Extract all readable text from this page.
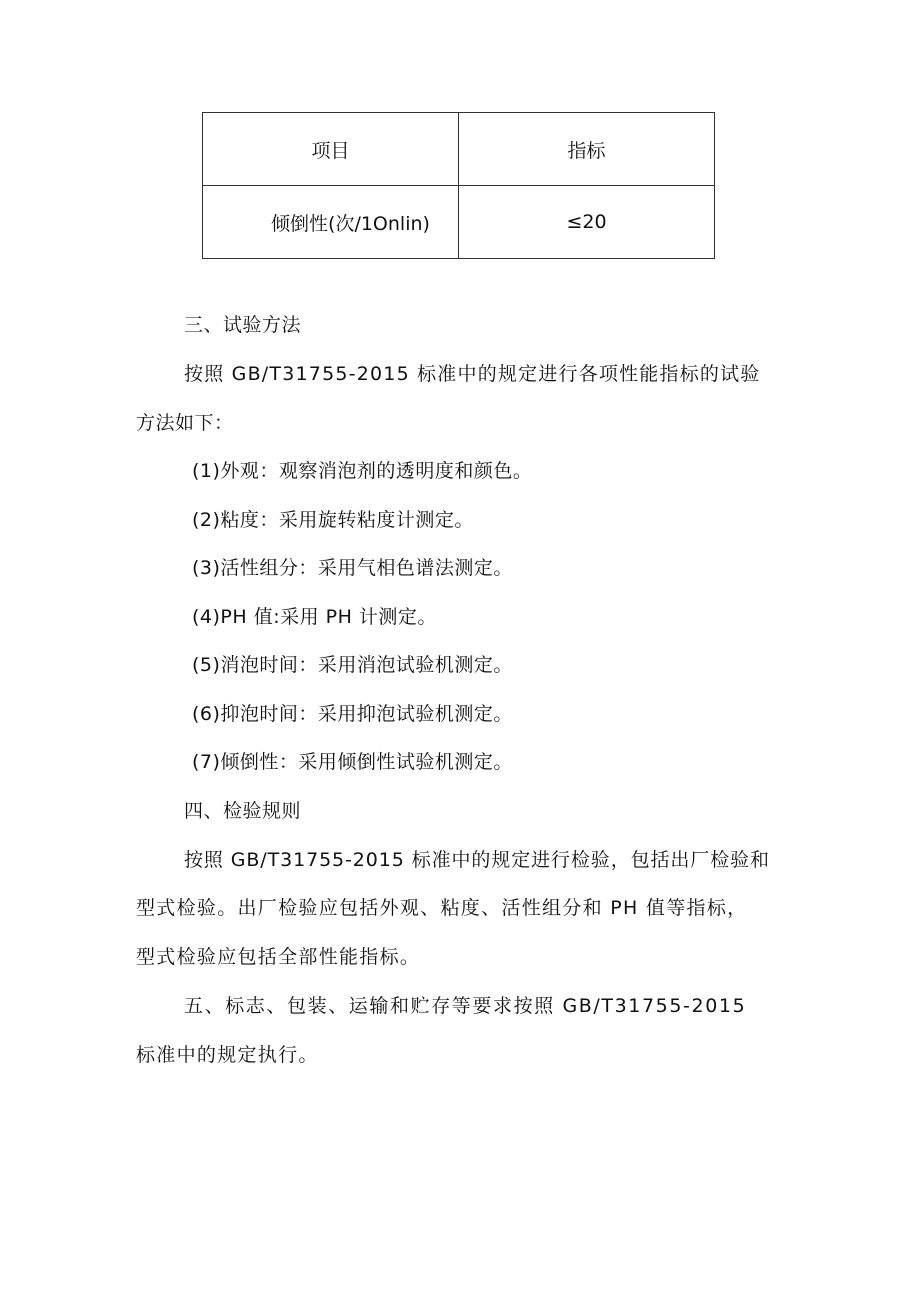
项目	指标
倾倒性(次/1Onlin)	≤20
三、试验方法
按照 GB/T31755-2015 标准中的规定进行各项性能指标的试验
方法如下：
(1)外观：观察消泡剂的透明度和颜色。
(2)粘度：采用旋转粘度计测定。
(3)活性组分：采用气相色谱法测定。
(4)PH 值:采用 PH 计测定。
(5)消泡时间：采用消泡试验机测定。
(6)抑泡时间：采用抑泡试验机测定。
(7)倾倒性：采用倾倒性试验机测定。
四、检验规则
按照 GB/T31755-2015 标准中的规定进行检验，包括出厂检验和
型式检验。出厂检验应包括外观、粘度、活性组分和 PH 值等指标，
型式检验应包括全部性能指标。
五、标志、包装、运输和贮存等要求按照 GB/T31755-2015
标准中的规定执行。
